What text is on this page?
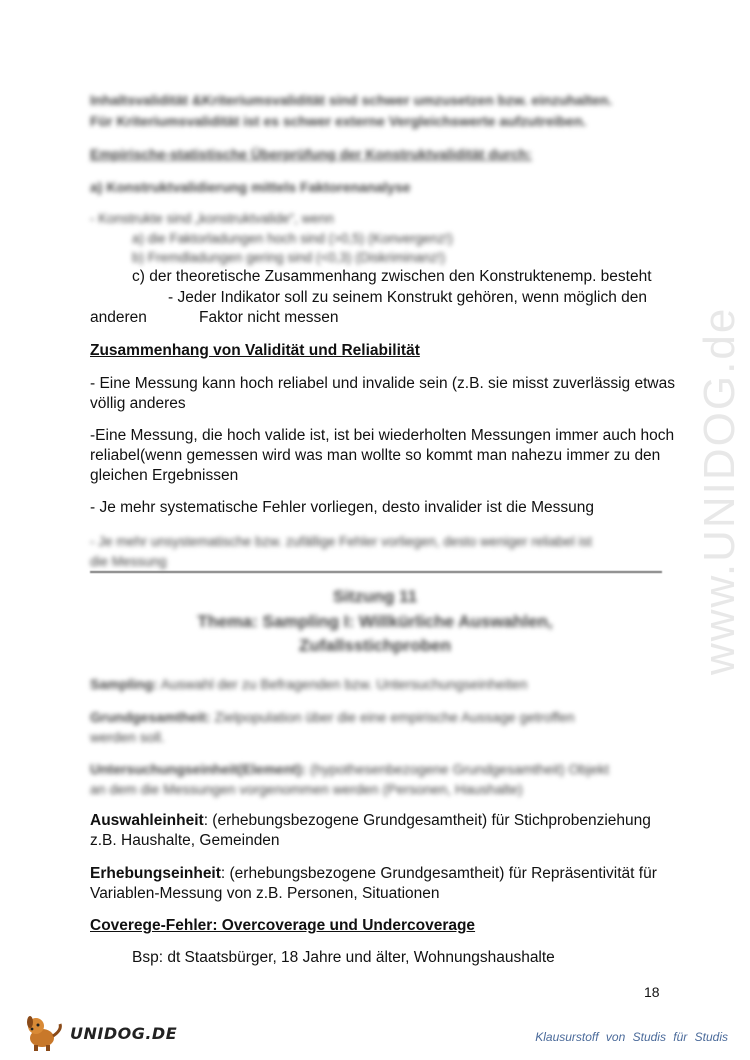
www.UNIDOG.de
Inhaltsvalidität &Kriteriumsvalidität sind schwer umzusetzen bzw. einzuhalten.
Für Kriteriumsvalidität ist es schwer externe Vergleichswerte aufzutreiben.
Empirische-statistische Überprüfung der Konstruktvalidität durch:
a) Konstruktvalidierung mittels Faktorenanalyse
- Konstrukte sind „konstruktvalide“, wenn
a) die Faktorladungen hoch sind (>0,5) (Konvergenz!)
b) Fremdladungen gering sind (<0,3) (Diskriminanz!)
c) der theoretische Zusammenhang zwischen den Konstruktenemp. besteht
- Jeder Indikator soll zu seinem Konstrukt gehören, wenn möglich den
anderen	Faktor nicht messen
Zusammenhang von Validität und Reliabilität
- Eine Messung kann hoch reliabel und invalide sein (z.B. sie misst zuverlässig etwas
völlig anderes
-Eine Messung, die hoch valide ist, ist bei wiederholten Messungen immer auch hoch
reliabel(wenn gemessen wird was man wollte so kommt man nahezu immer zu den
gleichen Ergebnissen
- Je mehr systematische Fehler vorliegen, desto invalider ist die Messung
- Je mehr unsystematische bzw. zufällige Fehler vorliegen, desto weniger reliabel ist
die Messung
Sitzung 11
Thema: Sampling I: Willkürliche Auswahlen,
Zufallsstichproben
Sampling: Auswahl der zu Befragenden bzw. Untersuchungseinheiten
Grundgesamtheit: Zielpopulation über die eine empirische Aussage getroffen
werden soll.
Untersuchungseinheit(Element): (hypothesenbezogene Grundgesamtheit) Objekt
an dem die Messungen vorgenommen werden (Personen, Haushalte)
Auswahleinheit: (erhebungsbezogene Grundgesamtheit) für Stichprobenziehung
z.B. Haushalte, Gemeinden
Erhebungseinheit: (erhebungsbezogene Grundgesamtheit) für Repräsentivität für
Variablen-Messung von z.B. Personen, Situationen
Coverege-Fehler: Overcoverage und Undercoverage
Bsp: dt Staatsbürger, 18 Jahre und älter, Wohnungshaushalte
18
UNIDOG.DE	Klausurstoff von Studis für Studis
